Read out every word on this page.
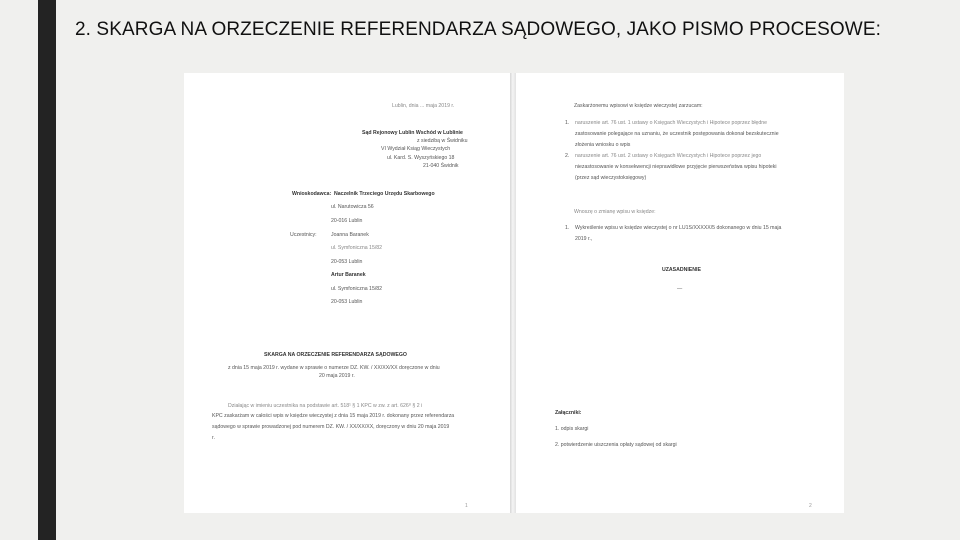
2. SKARGA NA ORZECZENIE REFERENDARZA SĄDOWEGO, JAKO PISMO PROCESOWE:
Lublin, dnia ... maja 2019 r.
Sąd Rejonowy Lublin Wschód w Lublinie
z siedzibą w Świdniku
VI Wydział Ksiąg Wieczystych
ul. Kard. S. Wyszyńskiego 18
21-040 Świdnik
Wnioskodawca: Naczelnik Trzeciego Urzędu Skarbowego
ul. Narutowicza 56
20-016 Lublin
Uczestnicy:	Joanna Baranek
ul. Symfoniczna 15/82
20-053 Lublin
Artur Baranek
ul. Symfoniczna 15/82
20-053 Lublin
SKARGA NA ORZECZENIE REFERENDARZA SĄDOWEGO
z dnia 15 maja 2019 r. wydane w sprawie o numerze DZ. KW. / XX/XX/XX doręczone w dniu
20 maja 2019 r.
Działając w imieniu uczestnika na podstawie art. 518¹ § 1 KPC w zw. z art. 626⁸ § 2 i
KPC zaskarżam w całości wpis w księdze wieczystej z dnia 15 maja 2019 r. dokonany przez referendarza
sądowego w sprawie prowadzonej pod numerem DZ. KW. / XX/XX/XX, doręczony w dniu 20 maja 2019
r.
1
Zaskarżonemu wpisowi w księdze wieczystej zarzucam:
1. naruszenie art. 76 ust. 1 ustawy o Księgach Wieczystych i Hipotece poprzez błędne
zastosowanie polegające na uznaniu, że uczestnik postępowania dokonał bezskutecznie
złożenia wniosku o wpis
2. naruszenie art. 76 ust. 2 ustawy o Księgach Wieczystych i Hipotece poprzez jego
niezastosowanie w konsekwencji nieprawidłowe przyjęcie pierwszeństwa wpisu hipoteki
(przez sąd wieczystoksięgowy)
Wnoszę o zmianę wpisu w księdze:
1. Wykreślenie wpisu w księdze wieczystej o nr LU1S/XXXXX/5 dokonanego w dniu 15 maja
2019 r.,
UZASADNIENIE
—
Załączniki:
1. odpis skargi
2. potwierdzenie uiszczenia opłaty sądowej od skargi
2
